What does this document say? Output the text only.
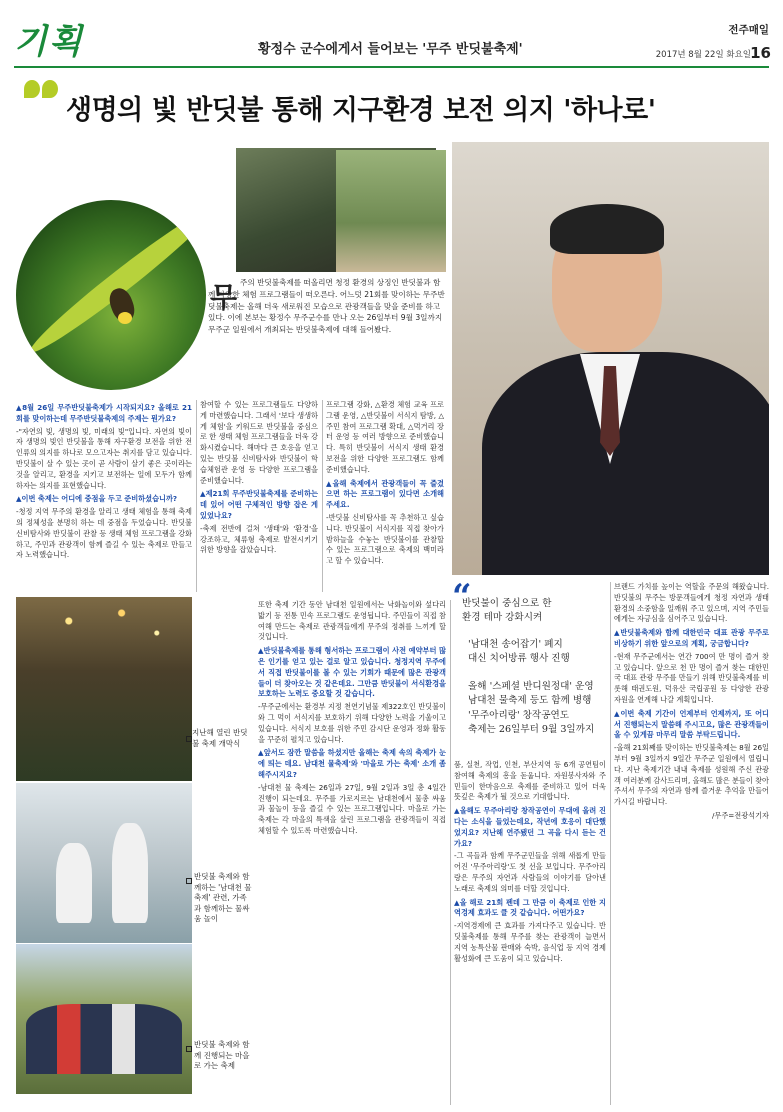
기획	황정수 군수에게서 들어보는 '무주 반딧불축제'
전주매일
2017년 8월 22일 화요일 16
생명의 빛 반딧불 통해 지구환경 보전 의지 '하나로'
무 주의 반딧불축제를 떠올리면 청정 환경의 상징인 반딧불과 함께 다양한 체험 프로그램들이 떠오른다. 어느덧 21회를 맞이하는 무주반딧불축제는 올해 더욱 새로워진 모습으로 관광객들을 맞을 준비를 하고 있다. 이에 본보는 황정수 무주군수를 만나 오는 26일부터 9월 3일까지 무주군 일원에서 개최되는 반딧불축제에 대해 들어봤다.
▲8월 26일 무주반딧불축제가 시작되지요? 올해로 21회를 맞이하는데 무주반딧불축제의 주제는 뭔가요?

-"자연의 빛, 생명의 빛, 미래의 빛"입니다. 자연의 빛이자 생명의 빛인 반딧불을 통해 자구환경 보전을 위한 전 인류의 의지를 하나로 모으고자는 취지를 담고 있습니다. 반딧불이 살 수 있는 곳이 곧 사람이 살기 좋은 곳이라는 것을 알리고, 환경을 지키고 보전하는 일에 모두가 함께하자는 의지를 표현했습니다.

▲이번 축제는 어디에 중점을 두고 준비하셨습니까?

-청정 지역 무주의 환경을 알리고 생태 체험을 통해 축제의 정체성을 분명히 하는 데 중점을 두었습니다. 반딧불 신비탐사와 반딧불이 관찰 등 생태 체험 프로그램을 강화하고, 주민과 관광객이 함께 즐길 수 있는 축제로 만들고자 노력했습니다.

참여할 수 있는 프로그램들도 다양하게 마련했습니다. 그래서 '보다 생생하게 체험'을 키워드로 반딧불을 중심으로 한 생태 체험 프로그램들을 더욱 강화시켰습니다. 해마다 큰 호응을 얻고 있는 반딧불 신비탐사와 반딧불이 학습체험관 운영 등 다양한 프로그램을 준비했습니다.

▲제21회 무주반딧불축제를 준비하는데 있어 어떤 구체적인 방향 잡은 게 있었나요?

-축제 전반에 걸쳐 '생태'와 '환경'을 강조하고, 체류형 축제로 발전시키기 위한 방향을 잡았습니다.

프로그램 강화, △환경 체험 교육 프로그램 운영, △반딧불이 서식지 탐방, △주민 참여 프로그램 확대, △먹거리 장터 운영 등 여러 방향으로 준비했습니다. 특히 반딧불이 서식지 생태 환경 보전을 위한 다양한 프로그램도 함께 준비했습니다.

▲올해 축제에서 관광객들이 꼭 즐겼으면 하는 프로그램이 있다면 소개해 주세요.

-반딧불 신비탐사를 꼭 추천하고 싶습니다. 반딧불이 서식지를 직접 찾아가 밤하늘을 수놓는 반딧불이를 관찰할 수 있는 프로그램으로 축제의 백미라고 할 수 있습니다.

지난해 열린 반딧불 축제 개막식
반딧불 축제와 함께하는 '남대천 물 축제' 관련, 가족과 함께하는 물싸움 놀이
반딧불 축제와 함께 진행되는 마을로 가는 축제

또한 축제 기간 동안 남대천 일원에서는 낙화놀이와 섶다리 밟기 등 전통 민속 프로그램도 운영됩니다. 주민들이 직접 참여해 만드는 축제로 관광객들에게 무주의 정취를 느끼게 할 것입니다.

▲반딧불축제를 통해 형서하는 프로그램이 사전 예약부터 많은 인기를 얻고 있는 걸로 알고 있습니다. 청정지역 무주에서 직접 반딧불이를 볼 수 있는 기회가 때문에 많은 관광객들이 더 찾아오는 것 같은데요. 그만큼 반딧불이 서식환경을 보호하는 노력도 중요할 것 같습니다.

-무주군에서는 환경부 지정 천연기념물 제322호인 반딧불이와 그 먹이 서식지를 보호하기 위해 다양한 노력을 기울이고 있습니다. 서식지 보호를 위한 주민 감시단 운영과 정화 활동을 꾸준히 펼치고 있습니다.

▲앞서도 잠깐 말씀을 하셨지만 올해는 축제 속의 축제가 눈에 띄는 데요. 남대천 물축제'와 '마을로 가는 축제' 소개 좀 해주시지요?

-남대천 물 축제는 26일과 27일, 9월 2일과 3일 총 4일간 진행이 되는데요. 무주를 가로지르는 남대천에서 물총 싸움과 물놀이 등을 즐길 수 있는 프로그램입니다. 마을로 가는 축제는 각 마을의 특색을 살린 프로그램을 관광객들이 직접 체험할 수 있도록 마련했습니다.

“
반딧불이 중심으로 한
환경 테마 강화시켜
'남대천 송어잡기' 폐지
대신 치어방류 행사 진행
올해 '스페셜 반디원정대' 운영
남대천 물축제 등도 함께 병행
'무주아리랑' 창작공연도
축제는 26일부터 9월 3일까지

품, 실천, 작업, 인천, 부산지역 등 6개 공연팀이 참여해 축제의 흥을 돋웁니다. 자원봉사자와 주민들이 한마음으로 축제를 준비하고 있어 더욱 뜻깊은 축제가 될 것으로 기대합니다.

▲올해도 무주아리랑 창작공연이 무대에 올려 진다는 소식을 들었는데요, 작년에 호응이 대단했었지요? 지난해 연주됐던 그 곡을 다시 듣는 건가요?

-그 곡들과 함께 무주군민들을 위해 새롭게 만들어진 '무주아리랑'도 첫 선을 보입니다. 무주아리랑은 무주의 자연과 사람들의 이야기를 담아낸 노래로 축제의 의미를 더할 것입니다.

▲올 해로 21회 펜데 그 만큼 이 축제로 인한 지역경제 효과도 클 것 같습니다. 어떤가요?

-지역경제에 큰 효과를 가져다주고 있습니다. 반딧불축제를 통해 무주를 찾는 관광객이 늘면서 지역 농특산물 판매와 숙박, 음식업 등 지역 경제 활성화에 큰 도움이 되고 있습니다.

브랜드 가치를 높이는 역할을 주문의 해왔습니다. 반딧불의 무주는 방문객들에게 청정 자연과 생태 환경의 소중함을 일깨워 주고 있으며, 지역 주민들에게는 자긍심을 심어주고 있습니다.

▲반딧불축제와 함께 대한민국 대표 관광 무주로 비상하기 위한 앞으로의 계획, 궁금합니다?

-현재 무주군에서는 연간 700여 만 명이 즐겨 찾고 있습니다. 앞으로 천 만 명이 즐겨 찾는 대한민국 대표 관광 무주를 만들기 위해 반딧불축제를 비롯해 태권도원, 덕유산 국립공원 등 다양한 관광 자원을 연계해 나갈 계획입니다.

▲이번 축제 기간이 언제부터 언제까지, 또 어디서 진행되는지 말씀해 주시고요, 많은 관광객들이 올 수 있게끔 마무리 말씀 부탁드립니다.

-올해 21회째를 맞이하는 반딧불축제는 8월 26일부터 9월 3일까지 9일간 무주군 일원에서 열립니다. 지난 축제기간 내내 축제를 성원해 주신 관광객 여러분께 감사드리며, 올해도 많은 분들이 찾아 주셔서 무주의 자연과 함께 즐거운 추억을 만들어 가시길 바랍니다.

/무주=전광석기자
